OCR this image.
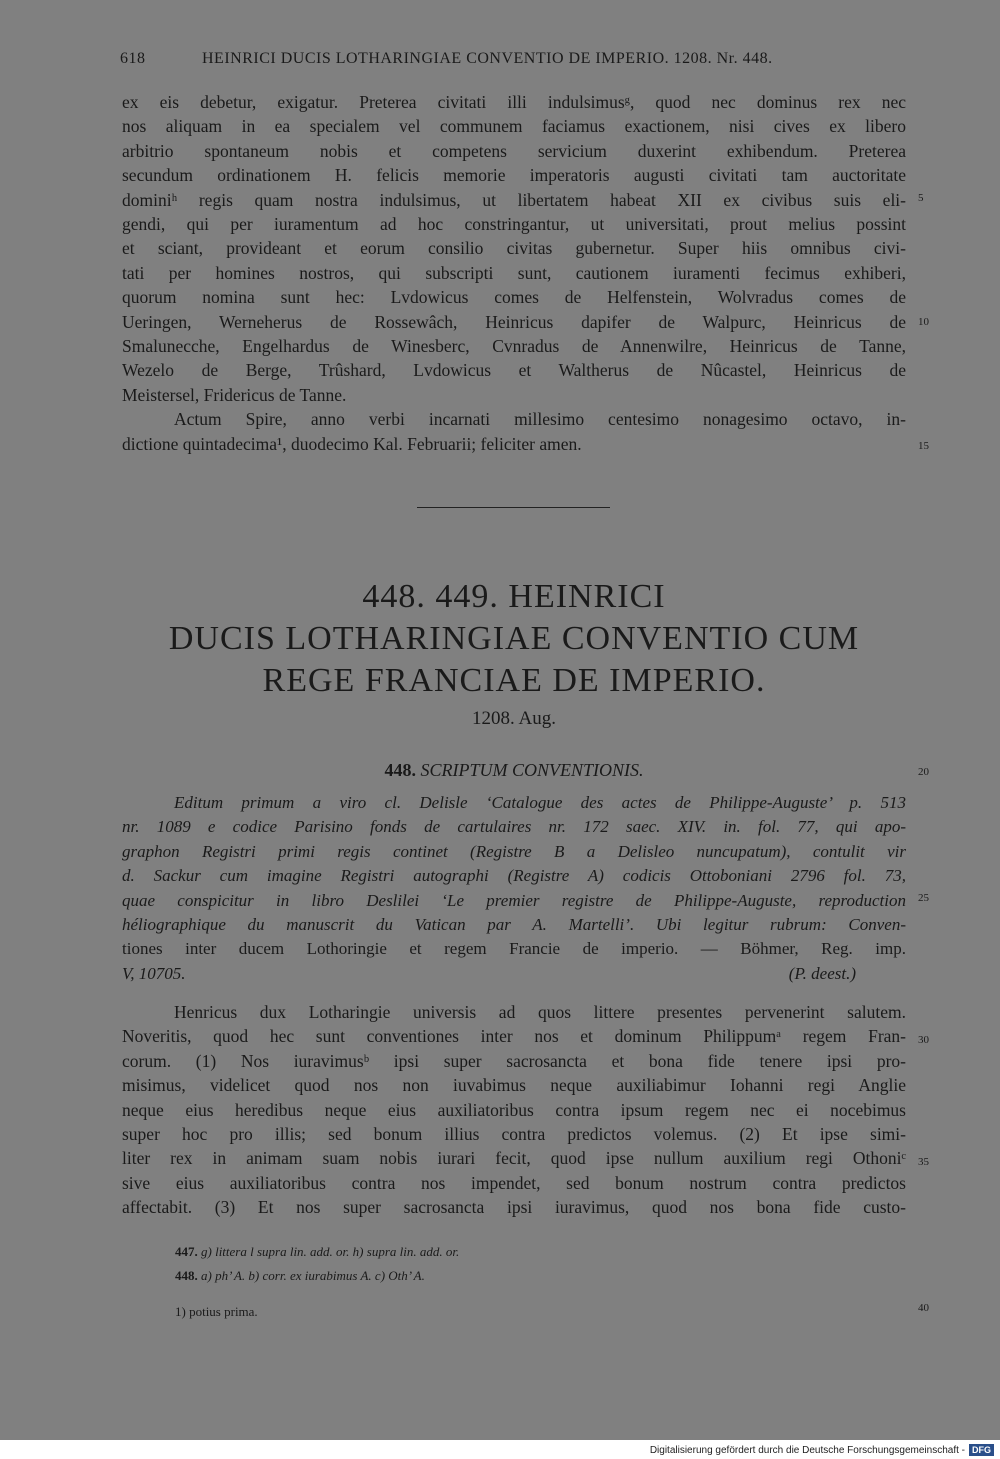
618	HEINRICI DUCIS LOTHARINGIAE CONVENTIO DE IMPERIO. 1208. Nr. 448.
ex eis debetur, exigatur. Preterea civitati illi indulsimusᵍ, quod nec dominus rex nec
nos aliquam in ea specialem vel communem faciamus exactionem, nisi cives ex libero
arbitrio spontaneum nobis et competens servicium duxerint exhibendum. Preterea
secundum ordinationem H. felicis memorie imperatoris augusti civitati tam auctoritate
dominiʰ regis quam nostra indulsimus, ut libertatem habeat XII ex civibus suis eli-
gendi, qui per iuramentum ad hoc constringantur, ut universitati, prout melius possint
et sciant, provideant et eorum consilio civitas gubernetur. Super hiis omnibus civi-
tati per homines nostros, qui subscripti sunt, cautionem iuramenti fecimus exhiberi,
quorum nomina sunt hec: Lvdowicus comes de Helfenstein, Wolvradus comes de
Ueringen, Werneherus de Rossewâch, Heinricus dapifer de Walpurc, Heinricus de
Smalunecche, Engelhardus de Winesberc, Cvnradus de Annenwilre, Heinricus de Tanne,
Wezelo de Berge, Trûshard, Lvdowicus et Waltherus de Nûcastel, Heinricus de
Meistersel, Fridericus de Tanne.
Actum Spire, anno verbi incarnati millesimo centesimo nonagesimo octavo, in-
dictione quintadecima¹, duodecimo Kal. Februarii; feliciter amen.
5
10
15
448. 449. HEINRICI
DUCIS LOTHARINGIAE CONVENTIO CUM
REGE FRANCIAE DE IMPERIO.
1208. Aug.
448. SCRIPTUM CONVENTIONIS.
Editum primum a viro cl. Delisle ‘Catalogue des actes de Philippe-Auguste’ p. 513
nr. 1089 e codice Parisino fonds de cartulaires nr. 172 saec. XIV. in. fol. 77, qui apo-
graphon Registri primi regis continet (Registre B a Delisleo nuncupatum), contulit vir
d. Sackur cum imagine Registri autographi (Registre A) codicis Ottoboniani 2796 fol. 73,
quae conspicitur in libro Deslilei ‘Le premier registre de Philippe-Auguste, reproduction
héliographique du manuscrit du Vatican par A. Martelli’. Ubi legitur rubrum: Conven-
tiones inter ducem Lothoringie et regem Francie de imperio. — Böhmer, Reg. imp.
V, 10705.	(P. deest.)
Henricus dux Lotharingie universis ad quos littere presentes pervenerint salutem.
Noveritis, quod hec sunt conventiones inter nos et dominum Philippumᵃ regem Fran-
corum. (1) Nos iuravimusᵇ ipsi super sacrosancta et bona fide tenere ipsi pro-
misimus, videlicet quod nos non iuvabimus neque auxiliabimur Iohanni regi Anglie
neque eius heredibus neque eius auxiliatoribus contra ipsum regem nec ei nocebimus
super hoc pro illis; sed bonum illius contra predictos volemus. (2) Et ipse simi-
liter rex in animam suam nobis iurari fecit, quod ipse nullum auxilium regi Othoniᶜ
sive eius auxiliatoribus contra nos impendet, sed bonum nostrum contra predictos
affectabit. (3) Et nos super sacrosancta ipsi iuravimus, quod nos bona fide custo-
20
25
30
35
40
447. g) littera l supra lin. add. or. h) supra lin. add. or.
448. a) ph’ A. b) corr. ex iurabimus A. c) Oth’ A.
1) potius prima.
Digitalisierung gefördert durch die Deutsche Forschungsgemeinschaft - DFG
